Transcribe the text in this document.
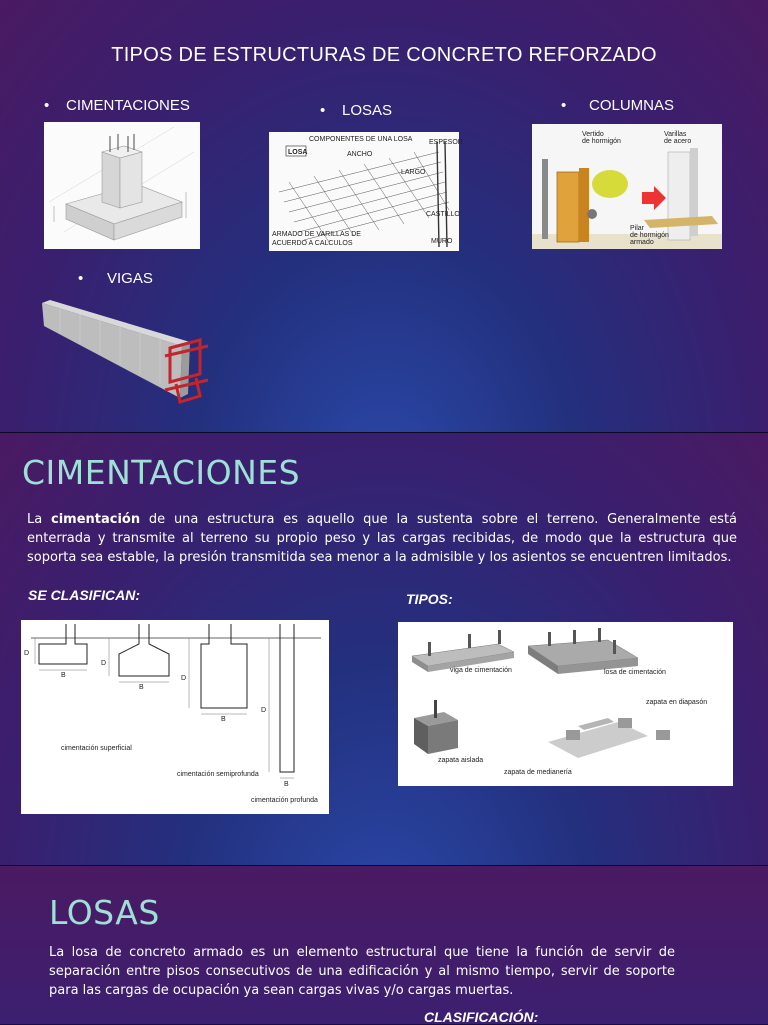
TIPOS DE ESTRUCTURAS DE CONCRETO REFORZADO
• CIMENTACIONES	• LOSAS	• COLUMNAS
• VIGAS
COMPONENTES DE UNA LOSA
LOSA	ANCHO
ESPESOR
LARGO
CASTILLO
MURO
ARMADO DE VARILLAS DE
ACUERDO A CALCULOS
Vertido
de hormigón
Varillas
de acero
Pilar
de hormigón
armado
CIMENTACIONES
La cimentación de una estructura es aquello que la sustenta sobre el terreno. Generalmente está enterrada y transmite al terreno su propio peso y las cargas recibidas, de modo que la estructura que soporta sea estable, la presión transmitida sea menor a la admisible y los asientos se encuentren limitados.
SE CLASIFICAN:	TIPOS:
D
B
D
B
D
B
D
B
cimentación superficial
cimentación semiprofunda
cimentación profunda
viga de cimentación	losa de cimentación
zapata en diapasón
zapata aislada
zapata de medianería
LOSAS
La losa de concreto armado es un elemento estructural que tiene la función de servir de separación entre pisos consecutivos de una edificación y al mismo tiempo, servir de soporte para las cargas de ocupación ya sean cargas vivas y/o cargas muertas.
CLASIFICACIÓN:
